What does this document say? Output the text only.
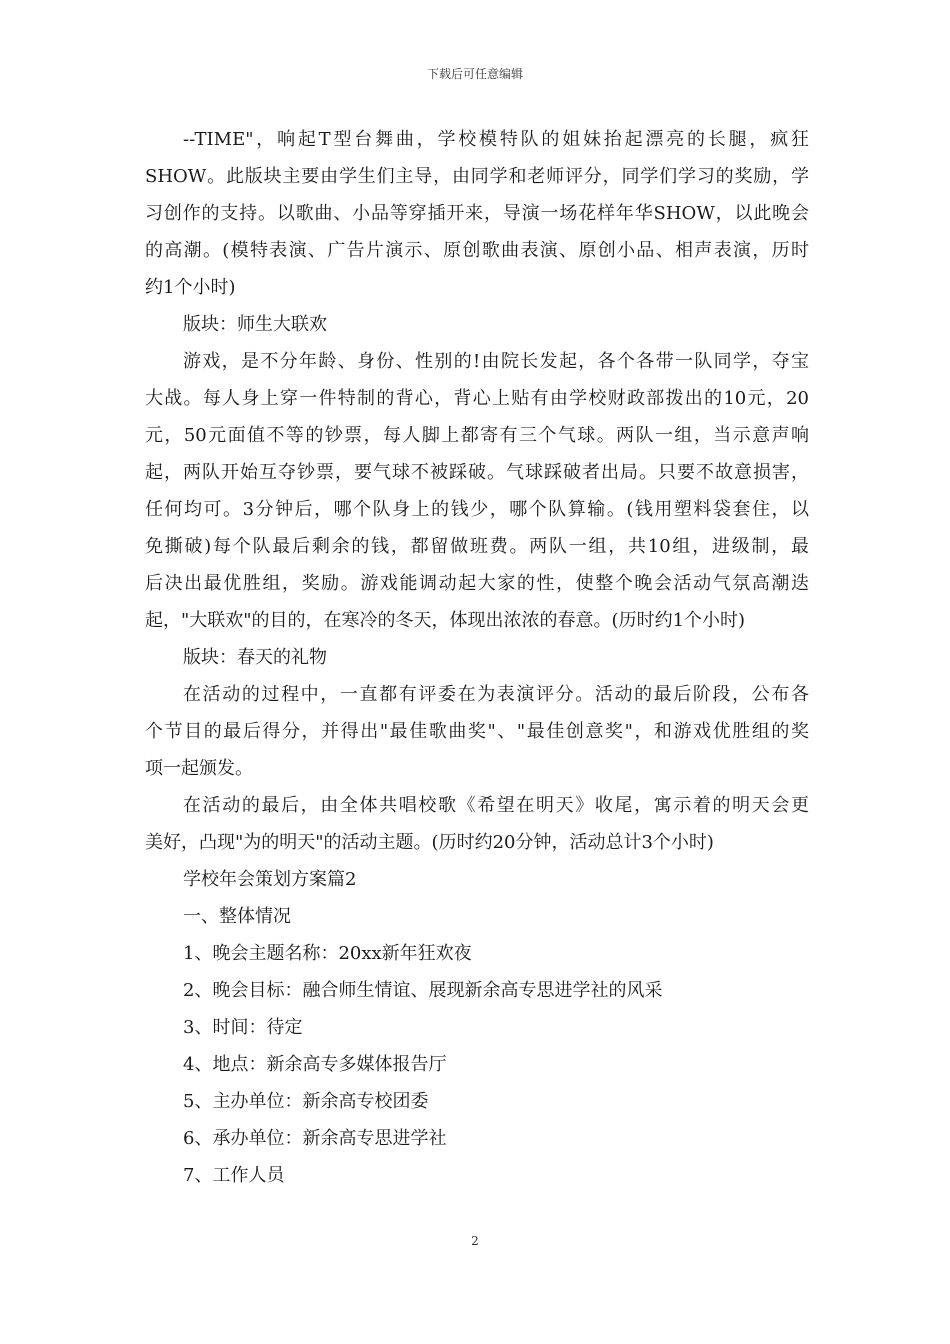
下载后可任意编辑
--TIME"，响起T型台舞曲，学校模特队的姐妹抬起漂亮的长腿，疯狂
SHOW。此版块主要由学生们主导，由同学和老师评分，同学们学习的奖励，学
习创作的支持。以歌曲、小品等穿插开来，导演一场花样年华SHOW，以此晚会
的高潮。(模特表演、广告片演示、原创歌曲表演、原创小品、相声表演，历时
约1个小时)
版块：师生大联欢
游戏，是不分年龄、身份、性别的!由院长发起，各个各带一队同学，夺宝
大战。每人身上穿一件特制的背心，背心上贴有由学校财政部拨出的10元，20
元，50元面值不等的钞票，每人脚上都寄有三个气球。两队一组，当示意声响
起，两队开始互夺钞票，要气球不被踩破。气球踩破者出局。只要不故意损害，
任何均可。3分钟后，哪个队身上的钱少，哪个队算输。(钱用塑料袋套住，以
免撕破)每个队最后剩余的钱，都留做班费。两队一组，共10组，进级制，最
后决出最优胜组，奖励。游戏能调动起大家的性，使整个晚会活动气氛高潮迭
起，"大联欢"的目的，在寒冷的冬天，体现出浓浓的春意。(历时约1个小时)
版块：春天的礼物
在活动的过程中，一直都有评委在为表演评分。活动的最后阶段，公布各
个节目的最后得分，并得出"最佳歌曲奖"、"最佳创意奖"，和游戏优胜组的奖
项一起颁发。
在活动的最后，由全体共唱校歌《希望在明天》收尾，寓示着的明天会更
美好，凸现"为的明天"的活动主题。(历时约20分钟，活动总计3个小时)
学校年会策划方案篇2
一、整体情况
1、晚会主题名称：20xx新年狂欢夜
2、晚会目标：融合师生情谊、展现新余高专思进学社的风采
3、时间：待定
4、地点：新余高专多媒体报告厅
5、主办单位：新余高专校团委
6、承办单位：新余高专思进学社
7、工作人员
2
